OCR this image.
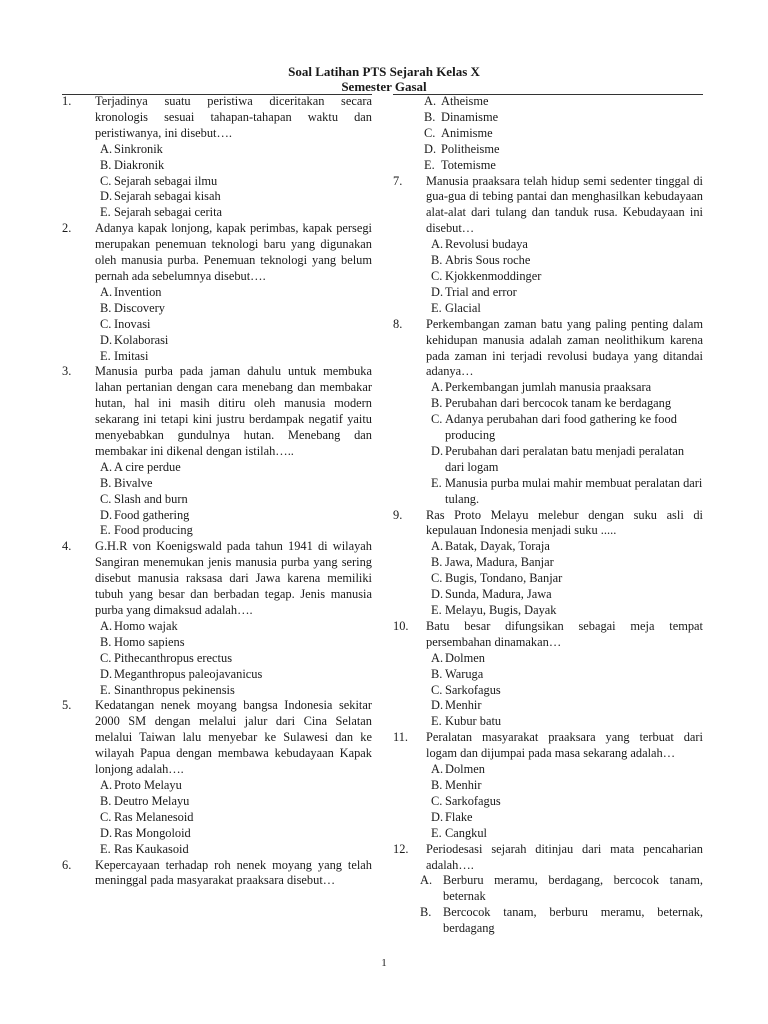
Soal Latihan PTS Sejarah Kelas X
Semester Gasal
1. Terjadinya suatu peristiwa diceritakan secara kronologis sesuai tahapan-tahapan waktu dan peristiwanya, ini disebut….
A. Sinkronik
B. Diakronik
C. Sejarah sebagai ilmu
D. Sejarah sebagai kisah
E. Sejarah sebagai cerita
2. Adanya kapak lonjong, kapak perimbas, kapak persegi merupakan penemuan teknologi baru yang digunakan oleh manusia purba. Penemuan teknologi yang belum pernah ada sebelumnya disebut….
A. Invention
B. Discovery
C. Inovasi
D. Kolaborasi
E. Imitasi
3. Manusia purba pada jaman dahulu untuk membuka lahan pertanian dengan cara menebang dan membakar hutan, hal ini masih ditiru oleh manusia modern sekarang ini tetapi kini justru berdampak negatif yaitu menyebabkan gundulnya hutan. Menebang dan membakar ini dikenal dengan istilah…..
A. A cire perdue
B. Bivalve
C. Slash and burn
D. Food gathering
E. Food producing
4. G.H.R von Koenigswald pada tahun 1941 di wilayah Sangiran menemukan jenis manusia purba yang sering disebut manusia raksasa dari Jawa karena memiliki tubuh yang besar dan berbadan tegap. Jenis manusia purba yang dimaksud adalah….
A. Homo wajak
B. Homo sapiens
C. Pithecanthropus erectus
D. Meganthropus paleojavanicus
E. Sinanthropus pekinensis
5. Kedatangan nenek moyang bangsa Indonesia sekitar 2000 SM dengan melalui jalur dari Cina Selatan melalui Taiwan lalu menyebar ke Sulawesi dan ke wilayah Papua dengan membawa kebudayaan Kapak lonjong adalah….
A. Proto Melayu
B. Deutro Melayu
C. Ras Melanesoid
D. Ras Mongoloid
E. Ras Kaukasoid
6. Kepercayaan terhadap roh nenek moyang yang telah meninggal pada masyarakat praaksara disebut…
A. Atheisme
B. Dinamisme
C. Animisme
D. Politheisme
E. Totemisme
7. Manusia praaksara telah hidup semi sedenter tinggal di gua-gua di tebing pantai dan menghasilkan kebudayaan alat-alat dari tulang dan tanduk rusa. Kebudayaan ini disebut…
A. Revolusi budaya
B. Abris Sous roche
C. Kjokkenmoddinger
D. Trial and error
E. Glacial
8. Perkembangan zaman batu yang paling penting dalam kehidupan manusia adalah zaman neolithikum karena pada zaman ini terjadi revolusi budaya yang ditandai adanya…
A. Perkembangan jumlah manusia praaksara
B. Perubahan dari bercocok tanam ke berdagang
C. Adanya perubahan dari food gathering ke food producing
D. Perubahan dari peralatan batu menjadi peralatan dari logam
E. Manusia purba mulai mahir membuat peralatan dari tulang.
9. Ras Proto Melayu melebur dengan suku asli di kepulauan Indonesia menjadi suku .....
A. Batak, Dayak, Toraja
B. Jawa, Madura, Banjar
C. Bugis, Tondano, Banjar
D. Sunda, Madura, Jawa
E. Melayu, Bugis, Dayak
10. Batu besar difungsikan sebagai meja tempat persembahan dinamakan…
A. Dolmen
B. Waruga
C. Sarkofagus
D. Menhir
E. Kubur batu
11. Peralatan masyarakat praaksara yang terbuat dari logam dan dijumpai pada masa sekarang adalah…
A. Dolmen
B. Menhir
C. Sarkofagus
D. Flake
E. Cangkul
12. Periodesasi sejarah ditinjau dari mata pencaharian adalah….
A. Berburu meramu, berdagang, bercocok tanam, beternak
B. Bercocok tanam, berburu meramu, beternak, berdagang
1
